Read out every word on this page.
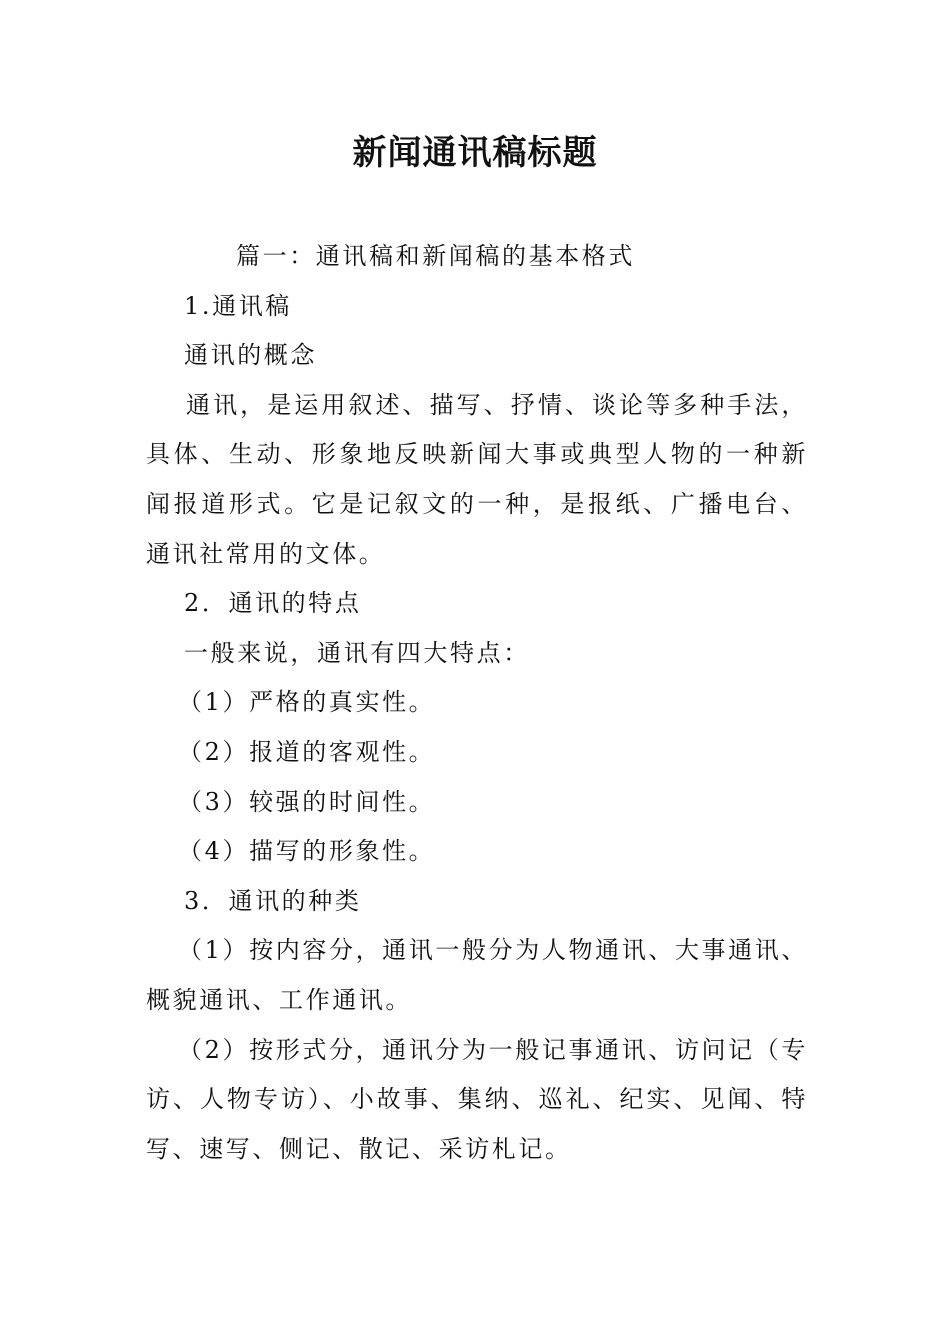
新闻通讯稿标题

篇一：通讯稿和新闻稿的基本格式

1.通讯稿

通讯的概念

通讯，是运用叙述、描写、抒情、谈论等多种手法，具体、生动、形象地反映新闻大事或典型人物的一种新闻报道形式。它是记叙文的一种，是报纸、广播电台、通讯社常用的文体。

2．通讯的特点

一般来说，通讯有四大特点：

（1）严格的真实性。

（2）报道的客观性。

（3）较强的时间性。

（4）描写的形象性。

3．通讯的种类

（1）按内容分，通讯一般分为人物通讯、大事通讯、概貌通讯、工作通讯。

（2）按形式分，通讯分为一般记事通讯、访问记（专访、人物专访）、小故事、集纳、巡礼、纪实、见闻、特写、速写、侧记、散记、采访札记。
